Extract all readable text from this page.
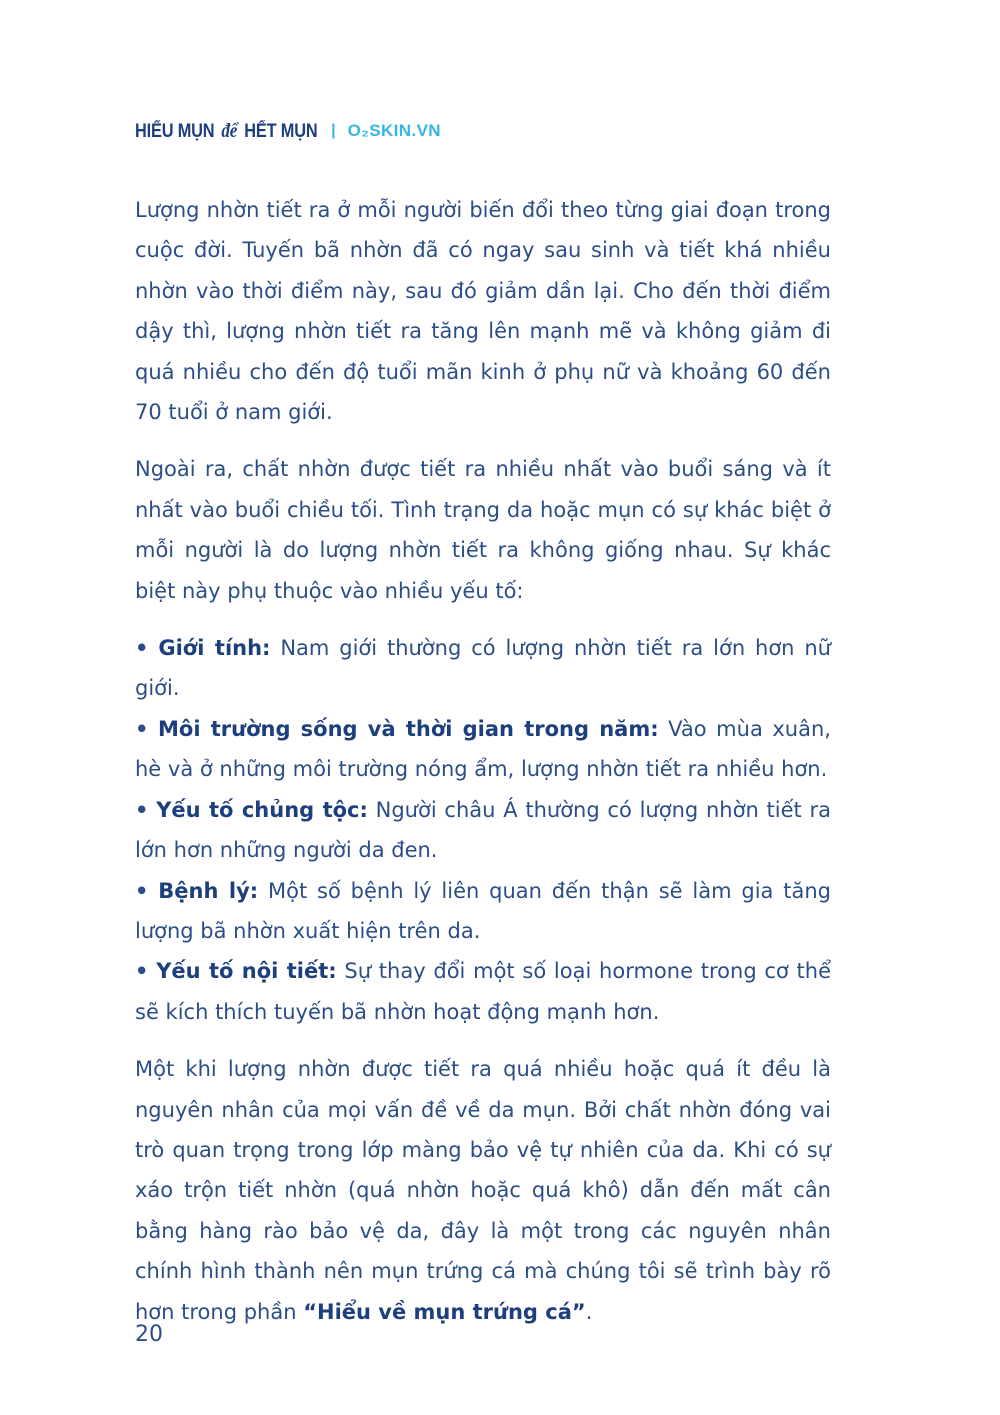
HIỂU MỤN để HẾT MỤN | O₂SKIN.VN

Lượng nhờn tiết ra ở mỗi người biến đổi theo từng giai đoạn trong cuộc đời. Tuyến bã nhờn đã có ngay sau sinh và tiết khá nhiều nhờn vào thời điểm này, sau đó giảm dần lại. Cho đến thời điểm dậy thì, lượng nhờn tiết ra tăng lên mạnh mẽ và không giảm đi quá nhiều cho đến độ tuổi mãn kinh ở phụ nữ và khoảng 60 đến 70 tuổi ở nam giới.

Ngoài ra, chất nhờn được tiết ra nhiều nhất vào buổi sáng và ít nhất vào buổi chiều tối. Tình trạng da hoặc mụn có sự khác biệt ở mỗi người là do lượng nhờn tiết ra không giống nhau. Sự khác biệt này phụ thuộc vào nhiều yếu tố:

• Giới tính: Nam giới thường có lượng nhờn tiết ra lớn hơn nữ giới.
• Môi trường sống và thời gian trong năm: Vào mùa xuân, hè và ở những môi trường nóng ẩm, lượng nhờn tiết ra nhiều hơn.
• Yếu tố chủng tộc: Người châu Á thường có lượng nhờn tiết ra lớn hơn những người da đen.
• Bệnh lý: Một số bệnh lý liên quan đến thận sẽ làm gia tăng lượng bã nhờn xuất hiện trên da.
• Yếu tố nội tiết: Sự thay đổi một số loại hormone trong cơ thể sẽ kích thích tuyến bã nhờn hoạt động mạnh hơn.

Một khi lượng nhờn được tiết ra quá nhiều hoặc quá ít đều là nguyên nhân của mọi vấn đề về da mụn. Bởi chất nhờn đóng vai trò quan trọng trong lớp màng bảo vệ tự nhiên của da. Khi có sự xáo trộn tiết nhờn (quá nhờn hoặc quá khô) dẫn đến mất cân bằng hàng rào bảo vệ da, đây là một trong các nguyên nhân chính hình thành nên mụn trứng cá mà chúng tôi sẽ trình bày rõ hơn trong phần “Hiểu về mụn trứng cá”.

20
